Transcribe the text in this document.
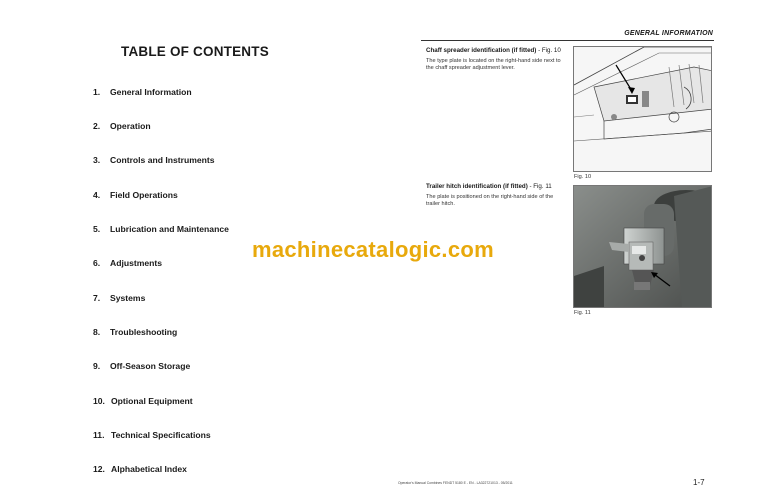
TABLE OF CONTENTS
1. General Information
2. Operation
3. Controls and Instruments
4. Field Operations
5. Lubrication and Maintenance
6. Adjustments
7. Systems
8. Troubleshooting
9. Off-Season Storage
10. Optional Equipment
11. Technical Specifications
12. Alphabetical Index
GENERAL INFORMATION
Chaff spreader identification (if fitted) - Fig. 10
The type plate is located on the right-hand side next to the chaff spreader adjustment lever.
Fig. 10
Trailer hitch identification (if fitted) - Fig. 11
The plate is positioned on the right-hand side of the trailer hitch.
Fig. 11
machinecatalogic.com
Operator's Manual Combines FENDT 5180 E - EN - LA322721013 - 05/2011	1-7
